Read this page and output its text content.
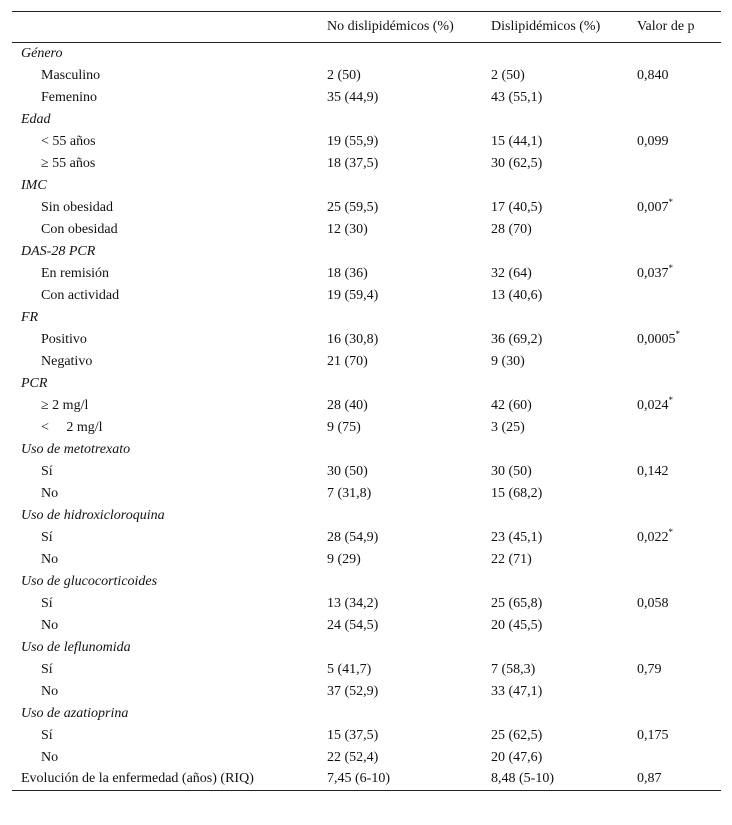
	No dislipidémicos (%)	Dislipidémicos (%)	Valor de p
Género			
Masculino	2 (50)	2 (50)	0,840
Femenino	35 (44,9)	43 (55,1)	
Edad			
< 55 años	19 (55,9)	15 (44,1)	0,099
≥ 55 años	18 (37,5)	30 (62,5)	
IMC			
Sin obesidad	25 (59,5)	17 (40,5)	0,007*
Con obesidad	12 (30)	28 (70)	
DAS-28 PCR			
En remisión	18 (36)	32 (64)	0,037*
Con actividad	19 (59,4)	13 (40,6)	
FR			
Positivo	16 (30,8)	36 (69,2)	0,0005*
Negativo	21 (70)	9 (30)	
PCR			
≥ 2 mg/l	28 (40)	42 (60)	0,024*
<  2 mg/l	9 (75)	3 (25)	
Uso de metotrexato			
Sí	30 (50)	30 (50)	0,142
No	7 (31,8)	15 (68,2)	
Uso de hidroxicloroquina			
Sí	28 (54,9)	23 (45,1)	0,022*
No	9 (29)	22 (71)	
Uso de glucocorticoides			
Sí	13 (34,2)	25 (65,8)	0,058
No	24 (54,5)	20 (45,5)	
Uso de leflunomida			
Sí	5 (41,7)	7 (58,3)	0,79
No	37 (52,9)	33 (47,1)	
Uso de azatioprina			
Sí	15 (37,5)	25 (62,5)	0,175
No	22 (52,4)	20 (47,6)	
Evolución de la enfermedad (años) (RIQ)	7,45 (6-10)	8,48 (5-10)	0,87
